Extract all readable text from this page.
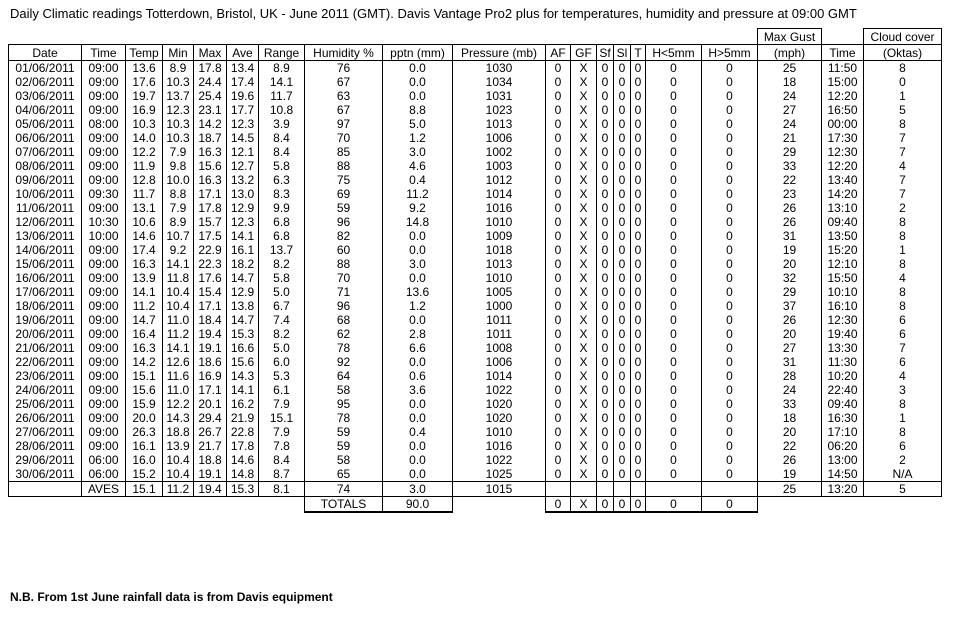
Daily Climatic readings Totterdown, Bristol, UK - June 2011 (GMT). Davis Vantage Pro2 plus for temperatures, humidity and pressure at 09:00 GMT
																	Max Gust		Cloud cover
Date	Time	Temp	Min	Max	Ave	Range	Humidity %	pptn (mm)	Pressure (mb)	AF	GF	Sf	Sl	T	H<5mm	H>5mm	(mph)	Time	(Oktas)
01/06/2011	09:00	13.6	8.9	17.8	13.4	8.9	76	0.0	1030	0	X	0	0	0	0	0	25	11:50	8
02/06/2011	09:00	17.6	10.3	24.4	17.4	14.1	67	0.0	1034	0	X	0	0	0	0	0	18	15:00	0
03/06/2011	09:00	19.7	13.7	25.4	19.6	11.7	63	0.0	1031	0	X	0	0	0	0	0	24	12:20	1
04/06/2011	09:00	16.9	12.3	23.1	17.7	10.8	67	8.8	1023	0	X	0	0	0	0	0	27	16:50	5
05/06/2011	08:00	10.3	10.3	14.2	12.3	3.9	97	5.0	1013	0	X	0	0	0	0	0	24	00:00	8
06/06/2011	09:00	14.0	10.3	18.7	14.5	8.4	70	1.2	1006	0	X	0	0	0	0	0	21	17:30	7
07/06/2011	09:00	12.2	7.9	16.3	12.1	8.4	85	3.0	1002	0	X	0	0	0	0	0	29	12:30	7
08/06/2011	09:00	11.9	9.8	15.6	12.7	5.8	88	4.6	1003	0	X	0	0	0	0	0	33	12:20	4
09/06/2011	09:00	12.8	10.0	16.3	13.2	6.3	75	0.4	1012	0	X	0	0	0	0	0	22	13:40	7
10/06/2011	09:30	11.7	8.8	17.1	13.0	8.3	69	11.2	1014	0	X	0	0	0	0	0	23	14:20	7
11/06/2011	09:00	13.1	7.9	17.8	12.9	9.9	59	9.2	1016	0	X	0	0	0	0	0	26	13:10	2
12/06/2011	10:30	10.6	8.9	15.7	12.3	6.8	96	14.8	1010	0	X	0	0	0	0	0	26	09:40	8
13/06/2011	10:00	14.6	10.7	17.5	14.1	6.8	82	0.0	1009	0	X	0	0	0	0	0	31	13:50	8
14/06/2011	09:00	17.4	9.2	22.9	16.1	13.7	60	0.0	1018	0	X	0	0	0	0	0	19	15:20	1
15/06/2011	09:00	16.3	14.1	22.3	18.2	8.2	88	3.0	1013	0	X	0	0	0	0	0	20	12:10	8
16/06/2011	09:00	13.9	11.8	17.6	14.7	5.8	70	0.0	1010	0	X	0	0	0	0	0	32	15:50	4
17/06/2011	09:00	14.1	10.4	15.4	12.9	5.0	71	13.6	1005	0	X	0	0	0	0	0	29	10:10	8
18/06/2011	09:00	11.2	10.4	17.1	13.8	6.7	96	1.2	1000	0	X	0	0	0	0	0	37	16:10	8
19/06/2011	09:00	14.7	11.0	18.4	14.7	7.4	68	0.0	1011	0	X	0	0	0	0	0	26	12:30	6
20/06/2011	09:00	16.4	11.2	19.4	15.3	8.2	62	2.8	1011	0	X	0	0	0	0	0	20	19:40	6
21/06/2011	09:00	16.3	14.1	19.1	16.6	5.0	78	6.6	1008	0	X	0	0	0	0	0	27	13:30	7
22/06/2011	09:00	14.2	12.6	18.6	15.6	6.0	92	0.0	1006	0	X	0	0	0	0	0	31	11:30	6
23/06/2011	09:00	15.1	11.6	16.9	14.3	5.3	64	0.6	1014	0	X	0	0	0	0	0	28	10:20	4
24/06/2011	09:00	15.6	11.0	17.1	14.1	6.1	58	3.6	1022	0	X	0	0	0	0	0	24	22:40	3
25/06/2011	09:00	15.9	12.2	20.1	16.2	7.9	95	0.0	1020	0	X	0	0	0	0	0	33	09:40	8
26/06/2011	09:00	20.0	14.3	29.4	21.9	15.1	78	0.0	1020	0	X	0	0	0	0	0	18	16:30	1
27/06/2011	09:00	26.3	18.8	26.7	22.8	7.9	59	0.4	1010	0	X	0	0	0	0	0	20	17:10	8
28/06/2011	09:00	16.1	13.9	21.7	17.8	7.8	59	0.0	1016	0	X	0	0	0	0	0	22	06:20	6
29/06/2011	06:00	16.0	10.4	18.8	14.6	8.4	58	0.0	1022	0	X	0	0	0	0	0	26	13:00	2
30/06/2011	06:00	15.2	10.4	19.1	14.8	8.7	65	0.0	1025	0	X	0	0	0	0	0	19	14:50	N/A
	AVES	15.1	11.2	19.4	15.3	8.1	74	3.0	1015								25	13:20	5
							TOTALS	90.0		0	X	0	0	0	0	0			
N.B. From 1st June rainfall data is from Davis equipment
